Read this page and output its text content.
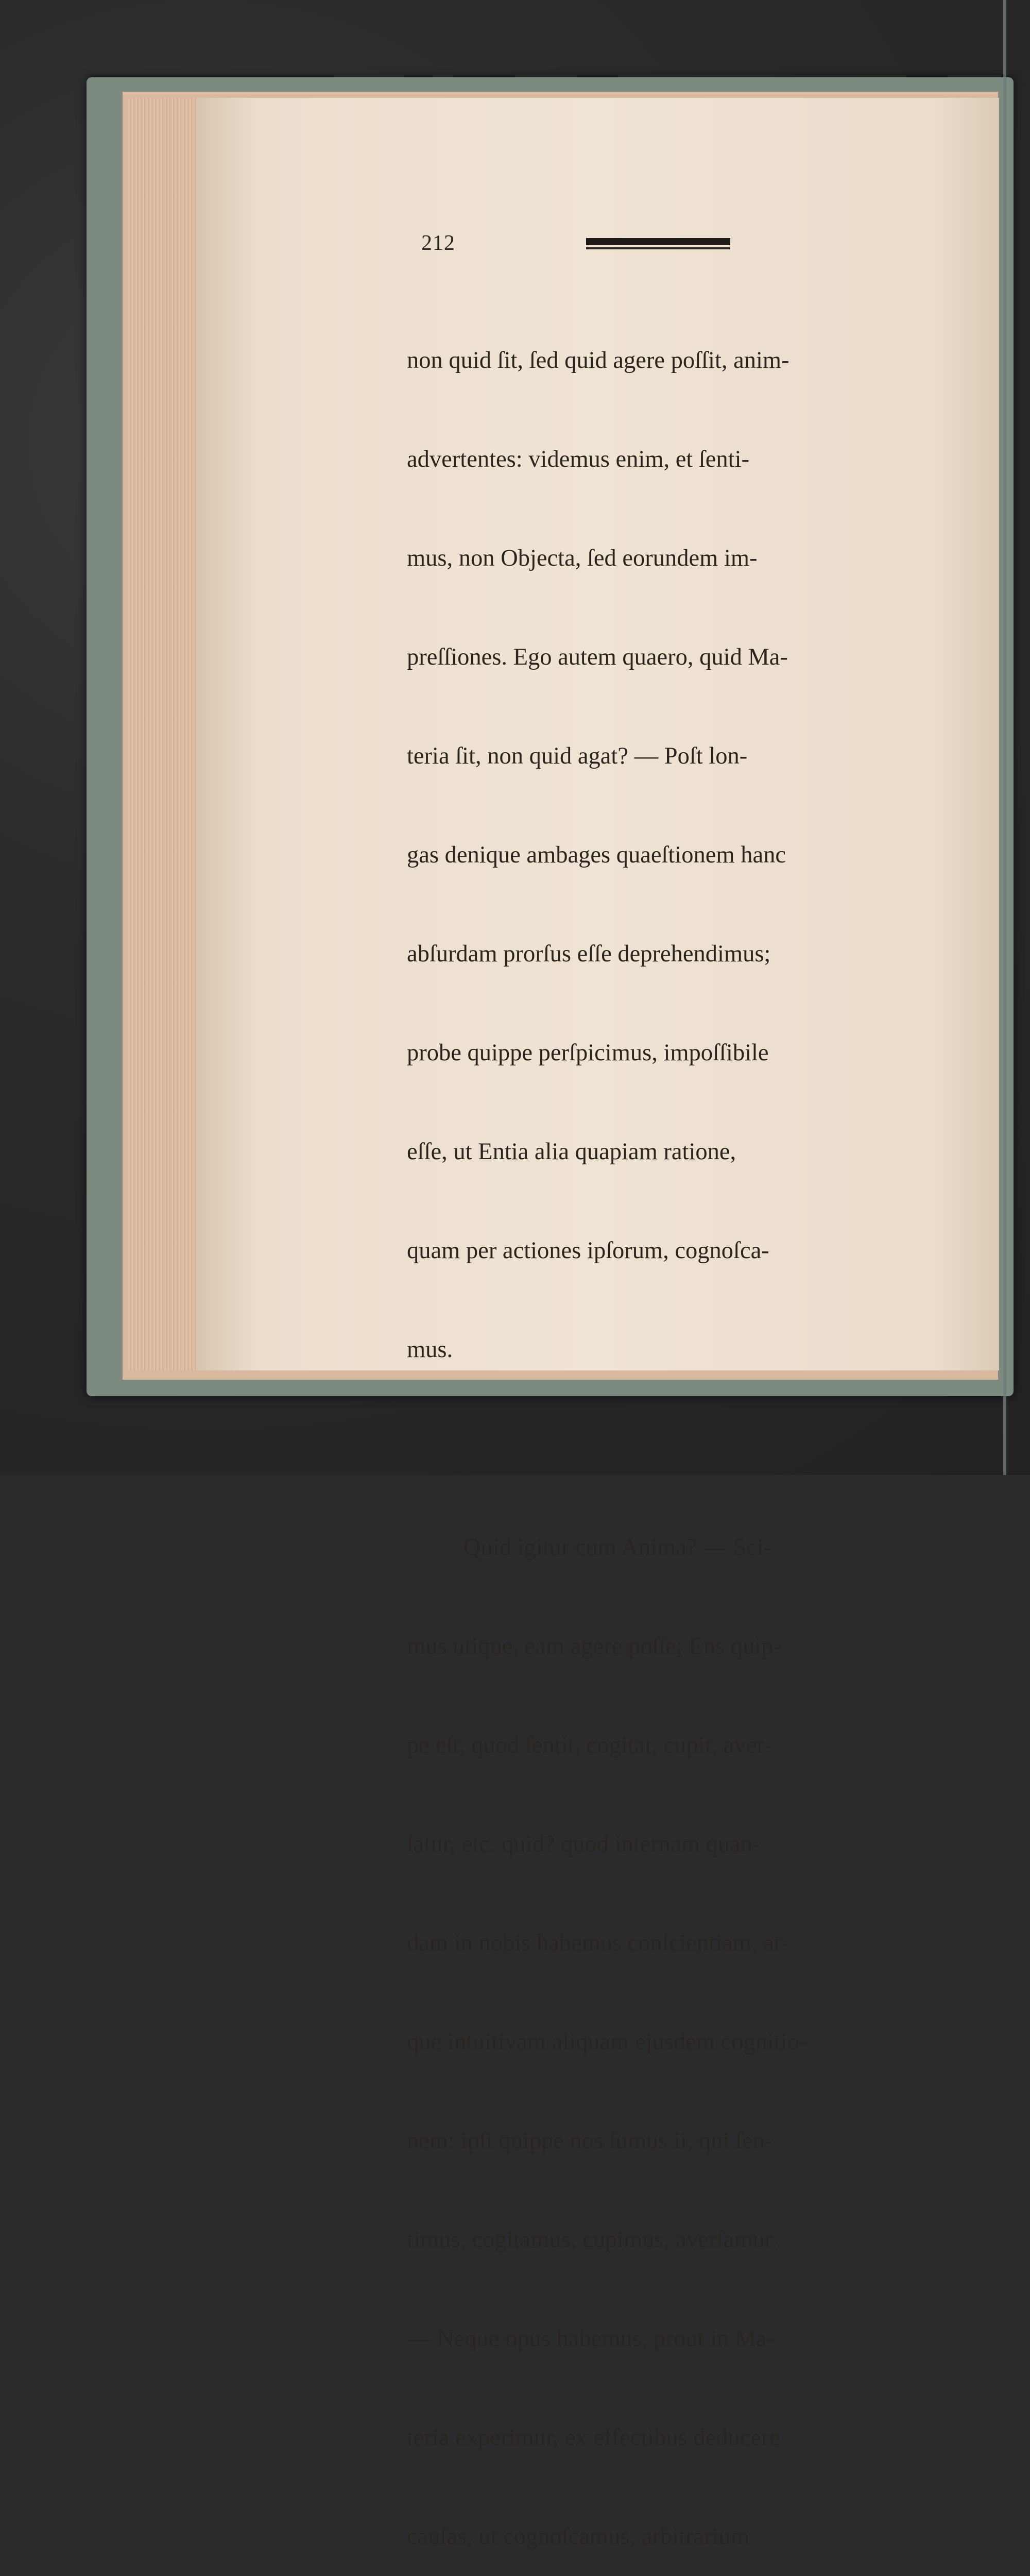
212

non quid ſit, ſed quid agere poſſit, anim-

advertentes: videmus enim, et ſenti-

mus, non Objecta, ſed eorundem im-

preſſiones. Ego autem quaero, quid Ma-

teria ſit, non quid agat? — Poſt lon-

gas denique ambages quaeſtionem hanc

abſurdam prorſus eſſe deprehendimus;

probe quippe perſpicimus, impoſſibile

eſſe, ut Entia alia quapiam ratione,

quam per actiones ipſorum, cognoſca-

mus.

Quid igitur cum Anima? — Sci-

mus utique, eam agere poſſe; Ens quip-

pe eſt, quod ſentit, cogitat, cupit, aver-

ſatur, etc. quid? quod internam quan-

dam in nobis habemus conſcientiam, at-

que intuitivam aliquam ejusdem cognitio-

nem: ipſi quippe nos ſumus ii, qui ſen-

timus, cogitamus, cupimus, averſamur.

— Neque opus habemus, prout in Ma-

teria experimur, ex effectibus deducere

cauſas, ut cognoſcamus, arbitrarium
